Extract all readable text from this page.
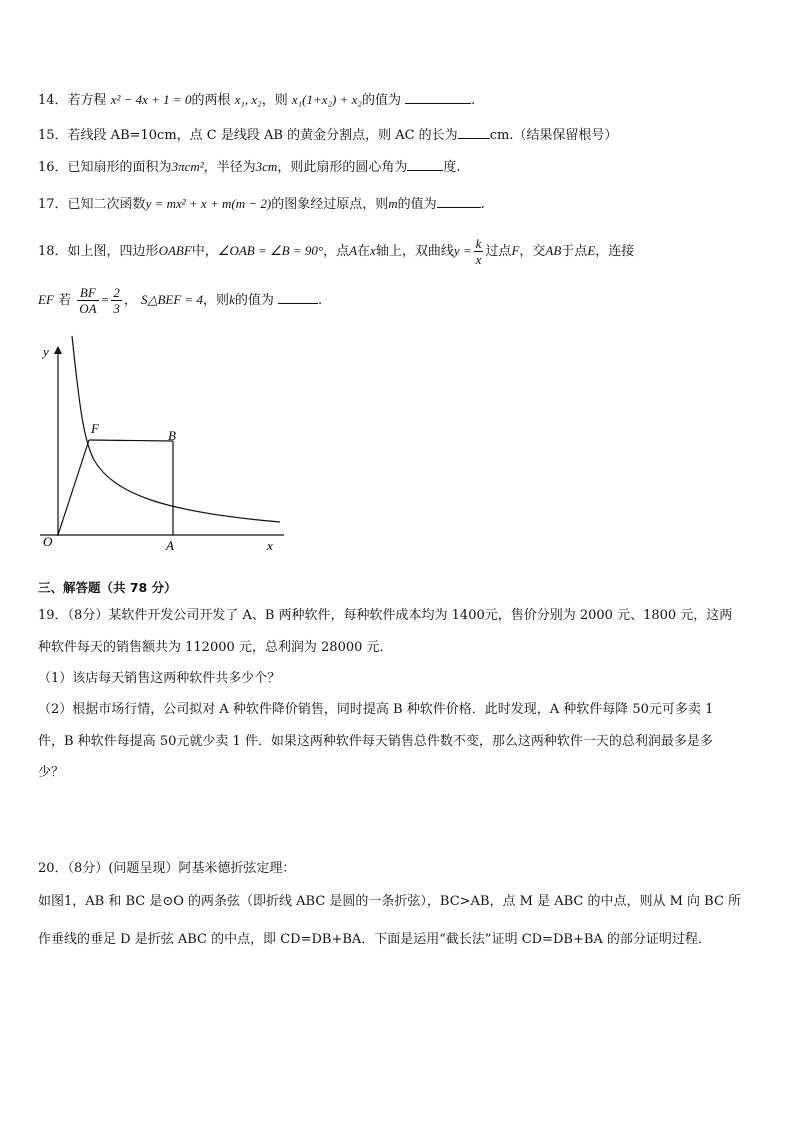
14．若方程 x² − 4x + 1 = 0的两根 x₁, x₂，则 x₁(1+x₂) + x₂的值为	.
15．若线段 AB=10cm，点 C 是线段 AB 的黄金分割点，则 AC 的长为 cm.（结果保留根号）
16．已知扇形的面积为3πcm²，半径为3cm，则此扇形的圆心角为	度.
17．已知二次函数y = mx² + x + m(m − 2)的图象经过原点，则m的值为	.
18．如上图，四边形OABF中，∠OAB = ∠B = 90°，点A在x轴上，双曲线$y = \frac{k}{x}$ 过点F，交AB于点E，连接
EF 若 $\frac{BF}{OA} = \frac{2}{3}$ ， S△BEF = 4，则k的值为	.
y
x
O	A
B
F
三、解答题（共 78 分）
19．（8分）某软件开发公司开发了 A、B 两种软件，每种软件成本均为 1400元，售价分别为 2000 元、1800 元，这两
种软件每天的销售额共为 112000 元，总利润为 28000 元．
（1）该店每天销售这两种软件共多少个？
（2）根据市场行情，公司拟对 A 种软件降价销售，同时提高 B 种软件价格．此时发现，A 种软件每降 50元可多卖 1
件，B 种软件每提高 50元就少卖 1 件．如果这两种软件每天销售总件数不变，那么这两种软件一天的总利润最多是多
少？
20．（8分）(问题呈现）阿基米德折弦定理：
如图1，AB 和 BC 是⊙O 的两条弦（即折线 ABC 是圆的一条折弦），BC>AB，点 M 是 ABC 的中点，则从 M 向 BC 所
作垂线的垂足 D 是折弦 ABC 的中点，即 CD=DB+BA．下面是运用“截长法”证明 CD=DB+BA 的部分证明过程．
